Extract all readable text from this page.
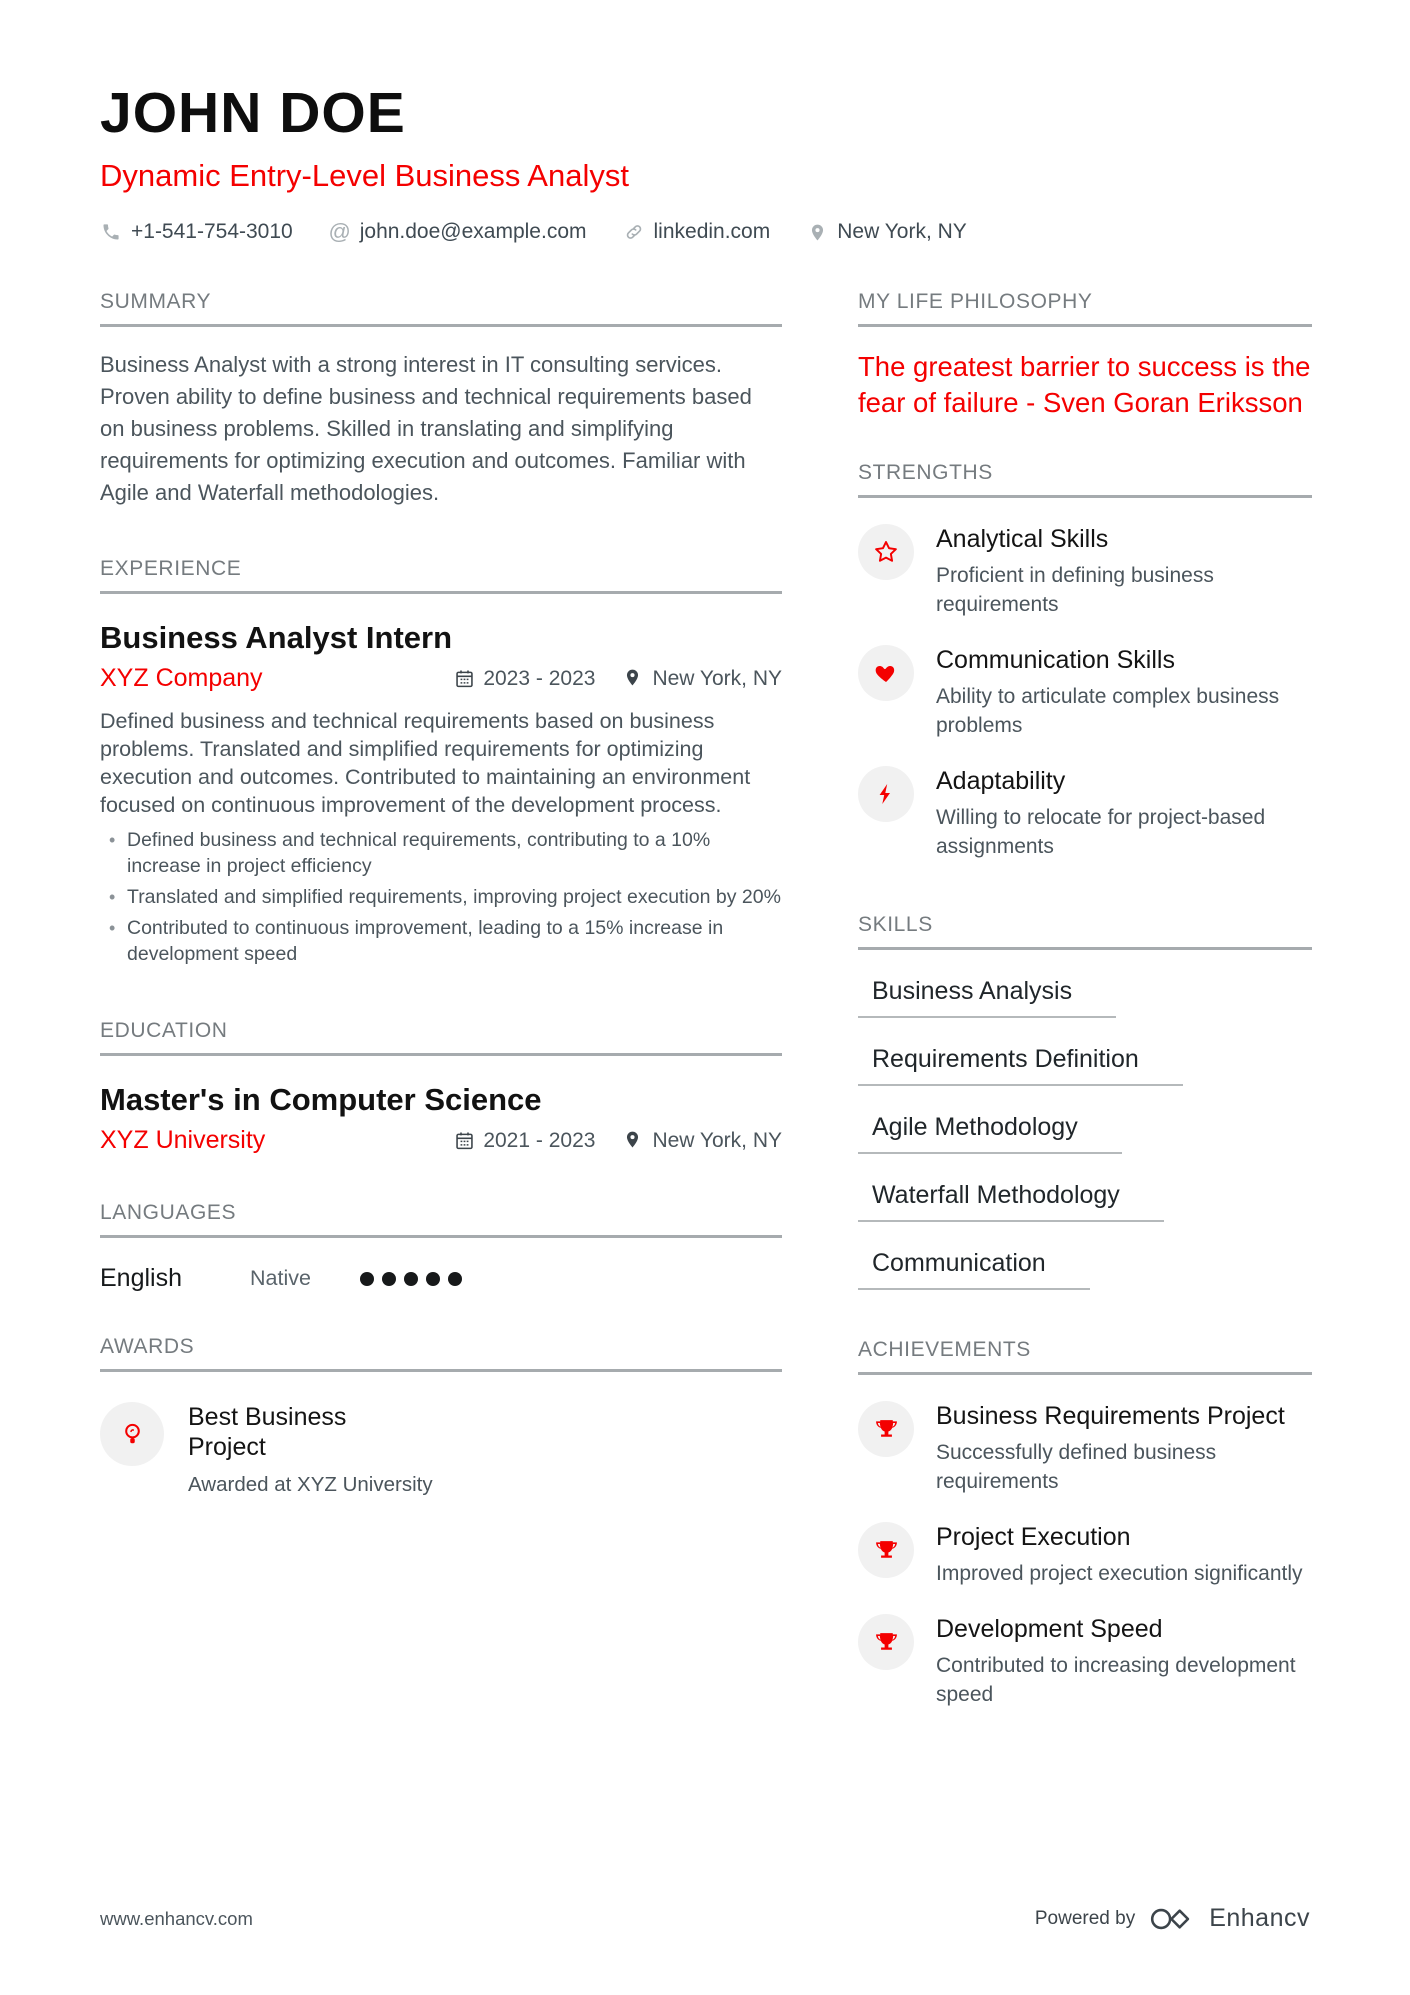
JOHN DOE
Dynamic Entry-Level Business Analyst
+1-541-754-3010 @ john.doe@example.com	linkedin.com	New York, NY
SUMMARY
Business Analyst with a strong interest in IT consulting services. Proven ability to define business and technical requirements based on business problems. Skilled in translating and simplifying requirements for optimizing execution and outcomes. Familiar with Agile and Waterfall methodologies.
EXPERIENCE
Business Analyst Intern
XYZ Company	2023 - 2023	New York, NY
Defined business and technical requirements based on business problems. Translated and simplified requirements for optimizing execution and outcomes. Contributed to maintaining an environment focused on continuous improvement of the development process.
• Defined business and technical requirements, contributing to a 10% increase in project efficiency
• Translated and simplified requirements, improving project execution by 20%
• Contributed to continuous improvement, leading to a 15% increase in development speed
EDUCATION
Master's in Computer Science
XYZ University	2021 - 2023	New York, NY
LANGUAGES
English	Native
AWARDS
Best Business Project
Awarded at XYZ University
MY LIFE PHILOSOPHY
The greatest barrier to success is the fear of failure - Sven Goran Eriksson
STRENGTHS
Analytical Skills
Proficient in defining business requirements
Communication Skills
Ability to articulate complex business problems
Adaptability
Willing to relocate for project-based assignments
SKILLS
Business Analysis
Requirements Definition
Agile Methodology
Waterfall Methodology
Communication
ACHIEVEMENTS
Business Requirements Project
Successfully defined business requirements
Project Execution
Improved project execution significantly
Development Speed
Contributed to increasing development speed
www.enhancv.com	Powered by	Enhancv
